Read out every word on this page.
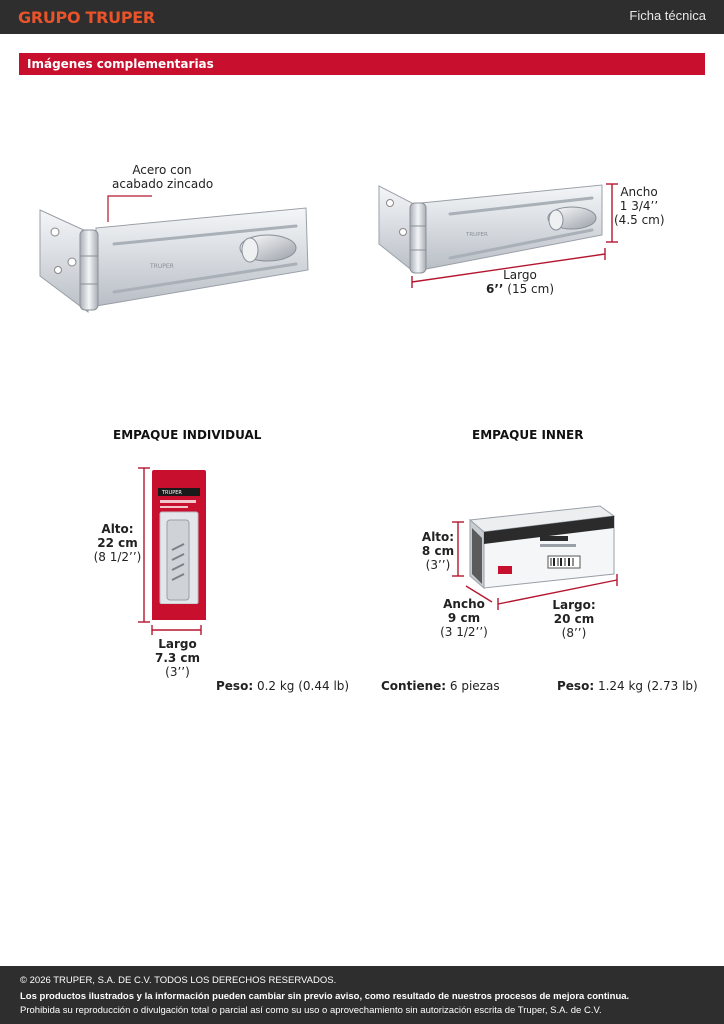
GRUPO TRUPER	Ficha técnica
Imágenes complementarias
TRUPER
TRUPER
TRUPER
Acero con
acabado zincado
Ancho
1 3/4’’
(4.5 cm)
Largo
6’’ (15 cm)
EMPAQUE INDIVIDUAL
Alto:
22 cm
(8 1/2’’)
Largo
7.3 cm
(3’’)
Peso: 0.2 kg (0.44 lb)
EMPAQUE INNER
Alto:
8 cm
(3’’)
Ancho
9 cm
(3 1/2’’)
Largo:
20 cm
(8’’)
Contiene: 6 piezas	Peso: 1.24 kg (2.73 lb)

© 2026 TRUPER, S.A. DE C.V. TODOS LOS DERECHOS RESERVADOS.

Los productos ilustrados y la información pueden cambiar sin previo aviso, como resultado de nuestros procesos de mejora continua.

Prohibida su reproducción o divulgación total o parcial así como su uso o aprovechamiento sin autorización escrita de Truper, S.A. de C.V.
